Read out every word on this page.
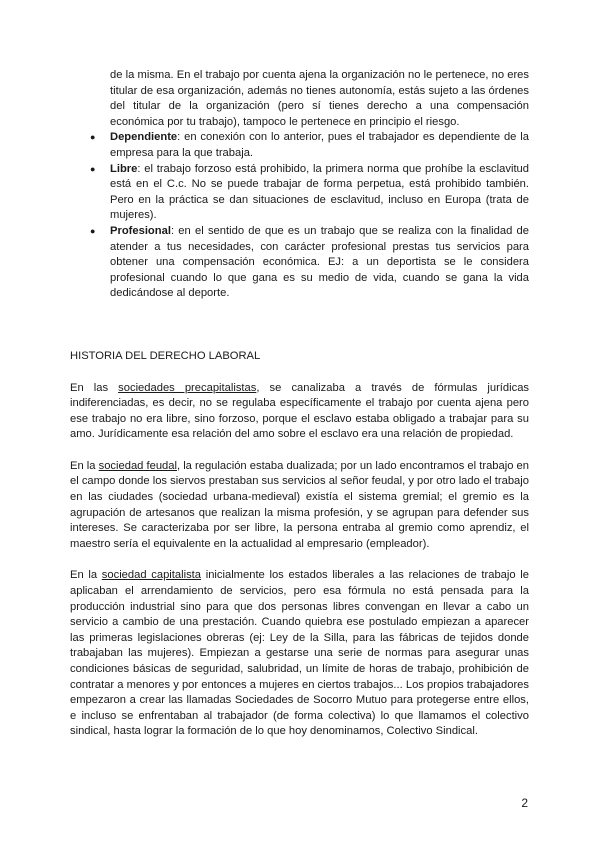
de la misma. En el trabajo por cuenta ajena la organización no le pertenece, no eres titular de esa organización, además no tienes autonomía, estás sujeto a las órdenes del titular de la organización (pero sí tienes derecho a una compensación económica por tu trabajo), tampoco le pertenece en principio el riesgo.

● Dependiente: en conexión con lo anterior, pues el trabajador es dependiente de la empresa para la que trabaja.
● Libre: el trabajo forzoso está prohibido, la primera norma que prohíbe la esclavitud está en el C.c. No se puede trabajar de forma perpetua, está prohibido también. Pero en la práctica se dan situaciones de esclavitud, incluso en Europa (trata de mujeres).
● Profesional: en el sentido de que es un trabajo que se realiza con la finalidad de atender a tus necesidades, con carácter profesional prestas tus servicios para obtener una compensación económica. EJ: a un deportista se le considera profesional cuando lo que gana es su medio de vida, cuando se gana la vida dedicándose al deporte.

HISTORIA DEL DERECHO LABORAL

En las sociedades precapitalistas, se canalizaba a través de fórmulas jurídicas indiferenciadas, es decir, no se regulaba específicamente el trabajo por cuenta ajena pero ese trabajo no era libre, sino forzoso, porque el esclavo estaba obligado a trabajar para su amo. Jurídicamente esa relación del amo sobre el esclavo era una relación de propiedad.

En la sociedad feudal, la regulación estaba dualizada; por un lado encontramos el trabajo en el campo donde los siervos prestaban sus servicios al señor feudal, y por otro lado el trabajo en las ciudades (sociedad urbana-medieval) existía el sistema gremial; el gremio es la agrupación de artesanos que realizan la misma profesión, y se agrupan para defender sus intereses. Se caracterizaba por ser libre, la persona entraba al gremio como aprendiz, el maestro sería el equivalente en la actualidad al empresario (empleador).

En la sociedad capitalista inicialmente los estados liberales a las relaciones de trabajo le aplicaban el arrendamiento de servicios, pero esa fórmula no está pensada para la producción industrial sino para que dos personas libres convengan en llevar a cabo un servicio a cambio de una prestación. Cuando quiebra ese postulado empiezan a aparecer las primeras legislaciones obreras (ej: Ley de la Silla, para las fábricas de tejidos donde trabajaban las mujeres). Empiezan a gestarse una serie de normas para asegurar unas condiciones básicas de seguridad, salubridad, un límite de horas de trabajo, prohibición de contratar a menores y por entonces a mujeres en ciertos trabajos... Los propios trabajadores empezaron a crear las llamadas Sociedades de Socorro Mutuo para protegerse entre ellos, e incluso se enfrentaban al trabajador (de forma colectiva) lo que llamamos el colectivo sindical, hasta lograr la formación de lo que hoy denominamos, Colectivo Sindical.

2
